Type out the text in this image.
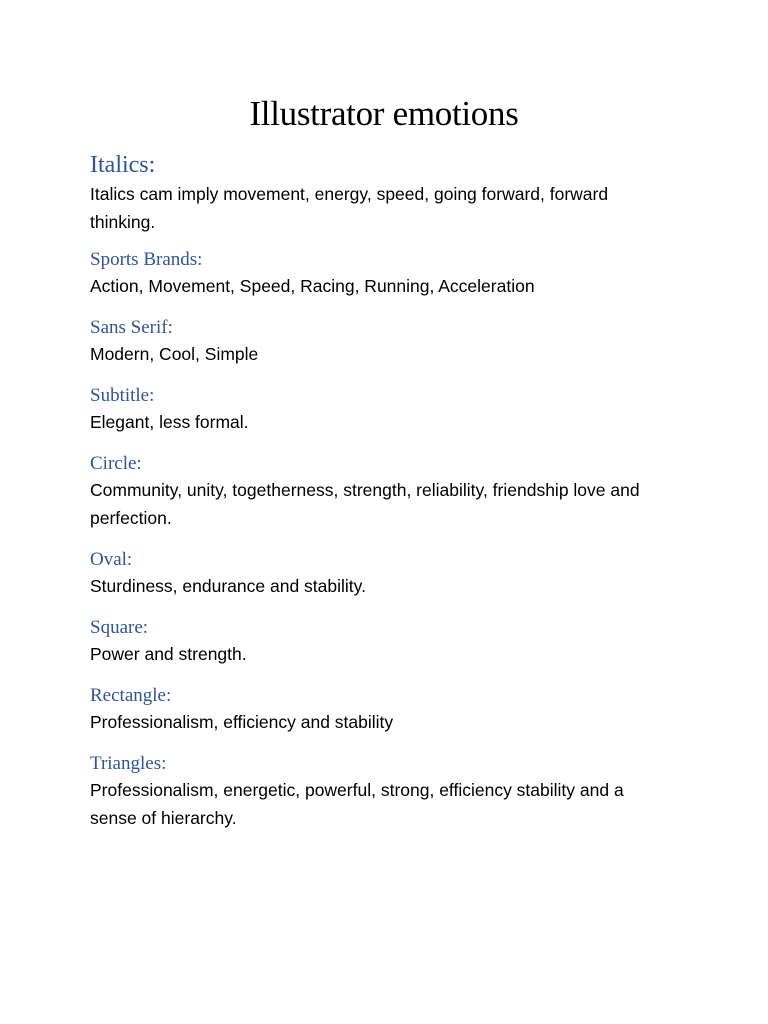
Illustrator emotions
Italics:
Italics cam imply movement, energy, speed, going forward, forward thinking.
Sports Brands:
Action, Movement, Speed, Racing, Running, Acceleration
Sans Serif:
Modern, Cool, Simple
Subtitle:
Elegant, less formal.
Circle:
Community, unity, togetherness, strength, reliability, friendship love and perfection.
Oval:
Sturdiness, endurance and stability.
Square:
Power and strength.
Rectangle:
Professionalism, efficiency and stability
Triangles:
Professionalism, energetic, powerful, strong, efficiency stability and a sense of hierarchy.
